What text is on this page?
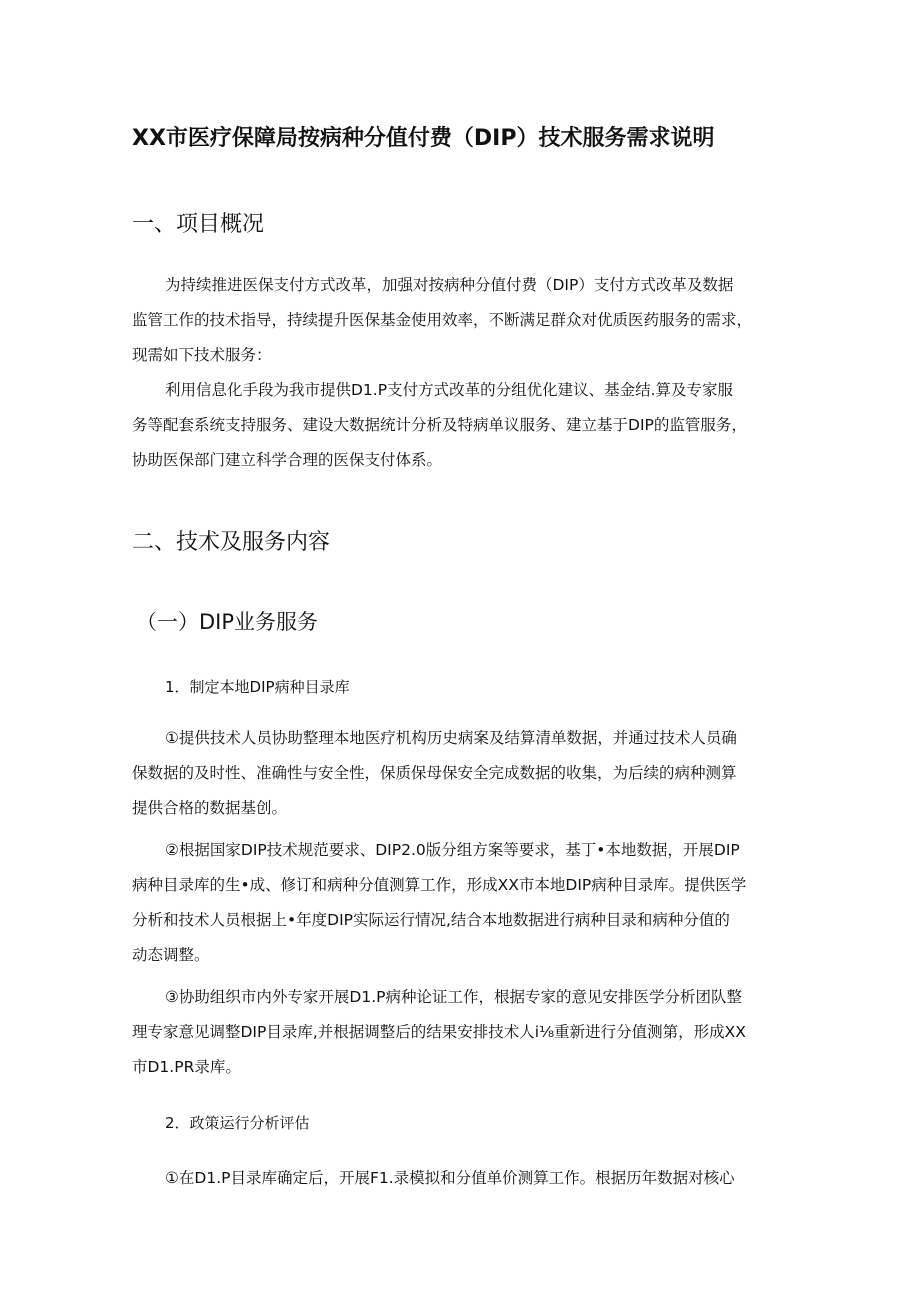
XX市医疗保障局按病种分值付费（DIP）技术服务需求说明
一、项目概况
为持续推进医保支付方式改革，加强对按病种分值付费（DIP）支付方式改革及数据
监管工作的技术指导，持续提升医保基金使用效率，不断满足群众对优质医药服务的需求，
现需如下技术服务：
利用信息化手段为我市提供D1.P支付方式改革的分组优化建议、基金结.算及专家服
务等配套系统支持服务、建设大数据统计分析及特病单议服务、建立基于DIP的监管服务，
协助医保部门建立科学合理的医保支付体系。
二、技术及服务内容
（一）DIP业务服务
1．制定本地DIP病种目录库
①提供技术人员协助整理本地医疗机构历史病案及结算清单数据，并通过技术人员确
保数据的及时性、准确性与安全性，保质保母保安全完成数据的收集，为后续的病种测算
提供合格的数据基创。
②根据国家DIP技术规范要求、DIP2.0版分组方案等要求，基丁•本地数据，开展DIP
病种目录库的生•成、修订和病种分值测算工作，形成XX市本地DIP病种目录库。提供医学
分析和技术人员根据上•年度DIP实际运行情况,结合本地数据进行病种目录和病种分值的
动态调整。
③协助组织市内外专家开展D1.P病种论证工作，根据专家的意见安排医学分析团队整
理专家意见调整DIP目录库,并根据调整后的结果安排技术人i⅛重新进行分值测第，形成XX
市D1.PR录库。
2．政策运行分析评估
①在D1.P目录库确定后，开展F1.录模拟和分值单价测算工作。根据历年数据对核心
